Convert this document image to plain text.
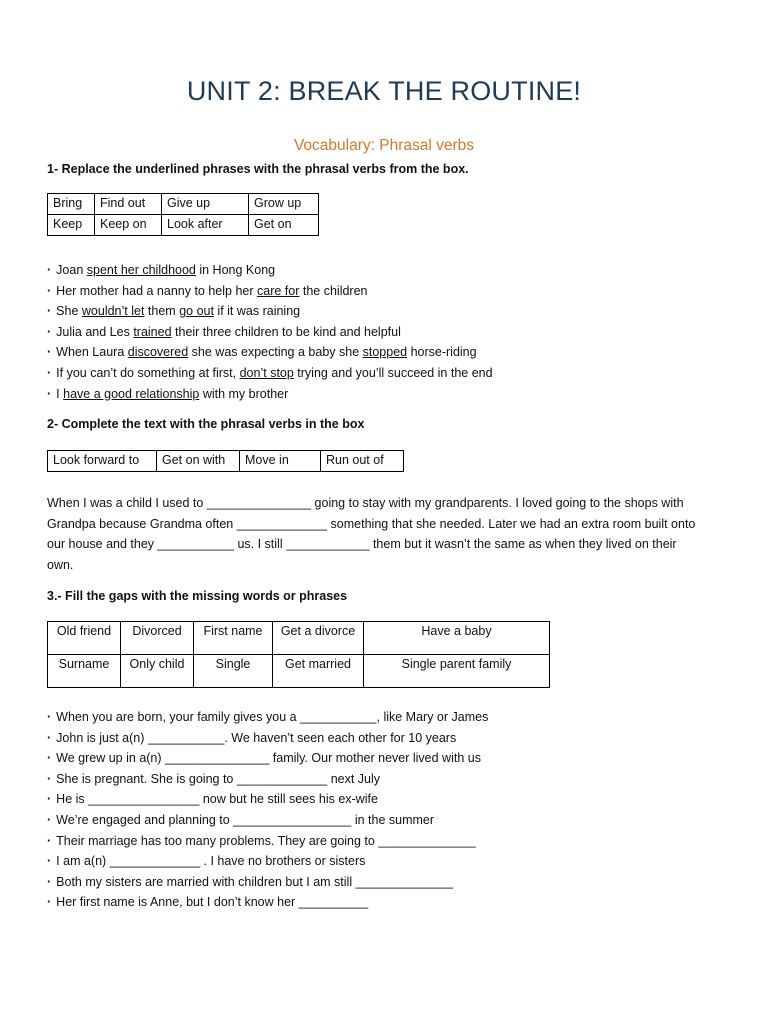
UNIT 2: BREAK THE ROUTINE!
Vocabulary: Phrasal verbs
1- Replace the underlined phrases with the phrasal verbs from the box.
Bring	Find out	Give up	Grow up
Keep	Keep on	Look after	Get on
· Joan spent her childhood in Hong Kong
· Her mother had a nanny to help her care for the children
· She wouldn’t let them go out if it was raining
· Julia and Les trained their three children to be kind and helpful
· When Laura discovered she was expecting a baby she stopped horse-riding
· If you can’t do something at first, don’t stop trying and you’ll succeed in the end
· I have a good relationship with my brother
2- Complete the text with the phrasal verbs in the box
Look forward to	Get on with	Move in	Run out of
When I was a child I used to _______________ going to stay with my grandparents. I loved going to the shops with
Grandpa because Grandma often _____________ something that she needed. Later we had an extra room built onto
our house and they ___________ us. I still ____________ them but it wasn’t the same as when they lived on their
own.
3.- Fill the gaps with the missing words or phrases
Old friend	Divorced	First name	Get a divorce	Have a baby
Surname	Only child	Single	Get married	Single parent family
· When you are born, your family gives you a ___________, like Mary or James
· John is just a(n) ___________. We haven’t seen each other for 10 years
· We grew up in a(n) _______________ family. Our mother never lived with us
· She is pregnant. She is going to _____________ next July
· He is ________________ now but he still sees his ex-wife
· We’re engaged and planning to _________________ in the summer
· Their marriage has too many problems. They are going to ______________
· I am a(n) _____________ . I have no brothers or sisters
· Both my sisters are married with children but I am still ______________
· Her first name is Anne, but I don’t know her __________
